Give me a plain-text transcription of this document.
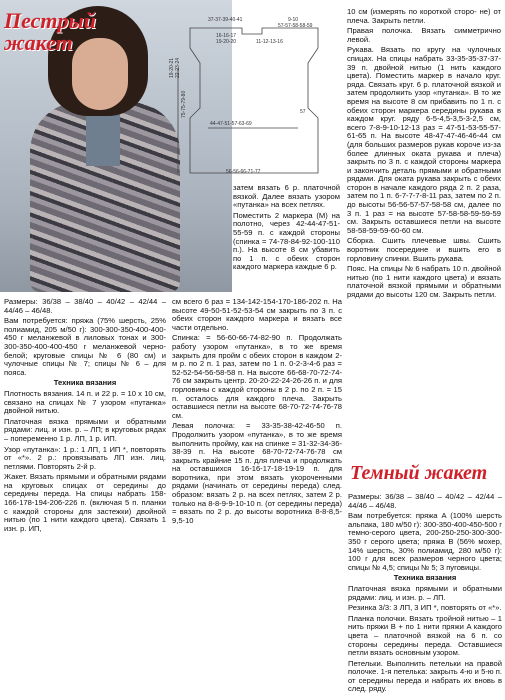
Пестрый
жакет
37-37-39-40-41	9-10
57-57-58-58-59
16-16-17
19-20-20	11-12-13-16
19-20-21 22-23-24
75-75-79-80
44-47-51-57-63-69
56-56-66-71-77
57

затем вязать 6 р. платочной вязкой. Далее вязать узором «путанка» на всех петлях.

Поместить 2 маркера (М) на полотно, через 42-44-47-51-55-59 п. с каждой стороны (спинка = 74-78-84-92-100-110 п.). На высоте 8 см убавить по 1 п. с обеих сторон каждого маркера каждые 6 р.

10 см (измерять по короткой сторо- не) от плеча. Закрыть петли.

Правая полочка. Вязать симметрично левой.

Рукава. Вязать по кругу на чулочных спицах. На спицы набрать 33-35-35-37-37-39 п. двойной нитью (1 нить каждого цвета). Поместить маркер в начало круг. ряда. Связать круг. 6 р. платочной вязкой и затем продолжить узор «путанка». В то же время на высоте 8 см прибавить по 1 п. с обеих сторон маркера середины рукава в каждом круг. ряду 6-5-4,5-3,5-3-2,5 см, всего 7-8-9-10-12-13 раз = 47-51-53-55-57-61-65 п. На высоте 48-47-47-46-46-44 см (для больших размеров рукав короче из-за более длинных оката рукава и плеча) закрыть по 3 п. с каждой стороны маркера и закончить деталь прямыми и обратными рядами. Для оката рукава закрыть с обеих сторон в начале каждого ряда 2 п. 2 раза, затем по 1 п. 6-7-7-7-8-11 раз, затем по 2 п. до высоты 56-56-57-57-58-58 см, далее по 3 п. 1 раз = на высоте 57-58-58-59-59-59 см. Закрыть оставшиеся петли на высоте 58-58-59-59-60-60 см.

Сборка. Сшить плечевые швы. Сшить воротник посередине и вшить его в горловину спинки. Вшить рукава.

Пояс. На спицы № 6 набрать 10 п. двойной нитью (по 1 нити каждого цвета) и вязать платочной вязкой прямыми и обратными рядами до высоты 120 см. Закрыть петли.

Темный жакет

Размеры: 36/38 – 38/40 – 40/42 – 42/44 – 44/46 – 46/48.

Вам потребуется: пряжа (75% шерсть, 25% полиамид, 205 м/50 г): 300-300-350-400-400-450 г меланжевой в лиловых тонах и 300-300-350-400-400-450 г меланжевой черно-белой; круговые спицы № 6 (80 см) и чулочные спицы № 7; спицы № 6 – для пояса.

Техника вязания

Плотность вязания. 14 п. и 22 р. = 10 x 10 см, связано на спицах № 7 узором «путанка» двойной нитью.

Платочная вязка прямыми и обратными рядами: лиц. и изн. р. – ЛП; в круговых рядах – попеременно 1 р. ЛП, 1 р. ИП.

Узор «путанка»: 1 р.: 1 ЛП, 1 ИП *, повторять от «*». 2 р.: провязывать ЛП изн. лиц. петлями. Повторять 2-й р.

Жакет. Вязать прямыми и обратными рядами на круговых спицах от середины до середины переда. На спицы набрать 158-166-178-194-206-226 п. (включая 5 п. планки с каждой стороны для застежки) двойной нитью (по 1 нити каждого цвета). Связать 1 изн. р. ИП,

см всего 6 раз = 134-142-154-170-186-202 п. На высоте 49-50-51-52-53-54 см закрыть по 3 п. с обеих сторон каждого маркера и вязать все части отдельно.

Спинка: = 56-60-66-74-82-90 п. Продолжать работу узором «путанка», в то же время закрыть для пройм с обеих сторон в каждом 2-м р. по 2 п. 1 раз, затем по 1 п. 0-2-3-4-6 раз = 52-52-54-56-58-58 п. На высоте 66-68-70-72-74-76 см закрыть центр. 20-20-22-24-26-26 п. и для горловины с каждой стороны в 2 р. по 2 п. = 15 п. осталось для каждого плеча. Закрыть оставшиеся петли на высоте 68-70-72-74-76-78 см.

Левая полочка: = 33-35-38-42-46-50 п. Продолжить узором «путанка», в то же время выполнить пройму, как на спинке = 31-32-34-36-38-39 п. На высоте 68-70-72-74-76-78 см закрыть крайние 15 п. для плеча и продолжать на оставшихся 16-16-17-18-19-19 п. для воротника, при этом вязать укороченными рядами (начинать от середины переда) след. образом: вязать 2 р. на всех петлях, затем 2 р. только на 8-8-9-9-10-10 п. (от середины переда) = вязать по 2 р. до высоты воротника 8-8-8,5-9,5-10

Размеры: 36/38 – 38/40 – 40/42 – 42/44 – 44/46 – 46/48.

Вам потребуется: пряжа A (100% шерсть альпака, 180 м/50 г): 300-350-400-450-500 г темно-серого цвета, 200-250-250-300-300-350 г серого цвета; пряжа B (56% мохер, 14% шерсть, 30% полиамид, 280 м/50 г): 100 г для всех размеров черного цвета; спицы № 4,5; спицы № 5; 3 пуговицы.

Техника вязания

Платочная вязка прямыми и обратными рядами: лиц. и изн. р. – ЛП.

Резинка 3/3: 3 ЛП, 3 ИП *, повторять от «*».

Планка полочки. Вязать тройной нитью – 1 нить пряжи B + по 1 нити пряжи A каждого цвета – платочной вязкой на 6 п. со стороны середины переда. Оставшиеся петли вязать основным узором.

Петельки. Выполнить петельки на правой полочке. 1-я петелька: закрыть 4-ю и 5-ю п. от середины переда и набрать их вновь в след. ряду.
